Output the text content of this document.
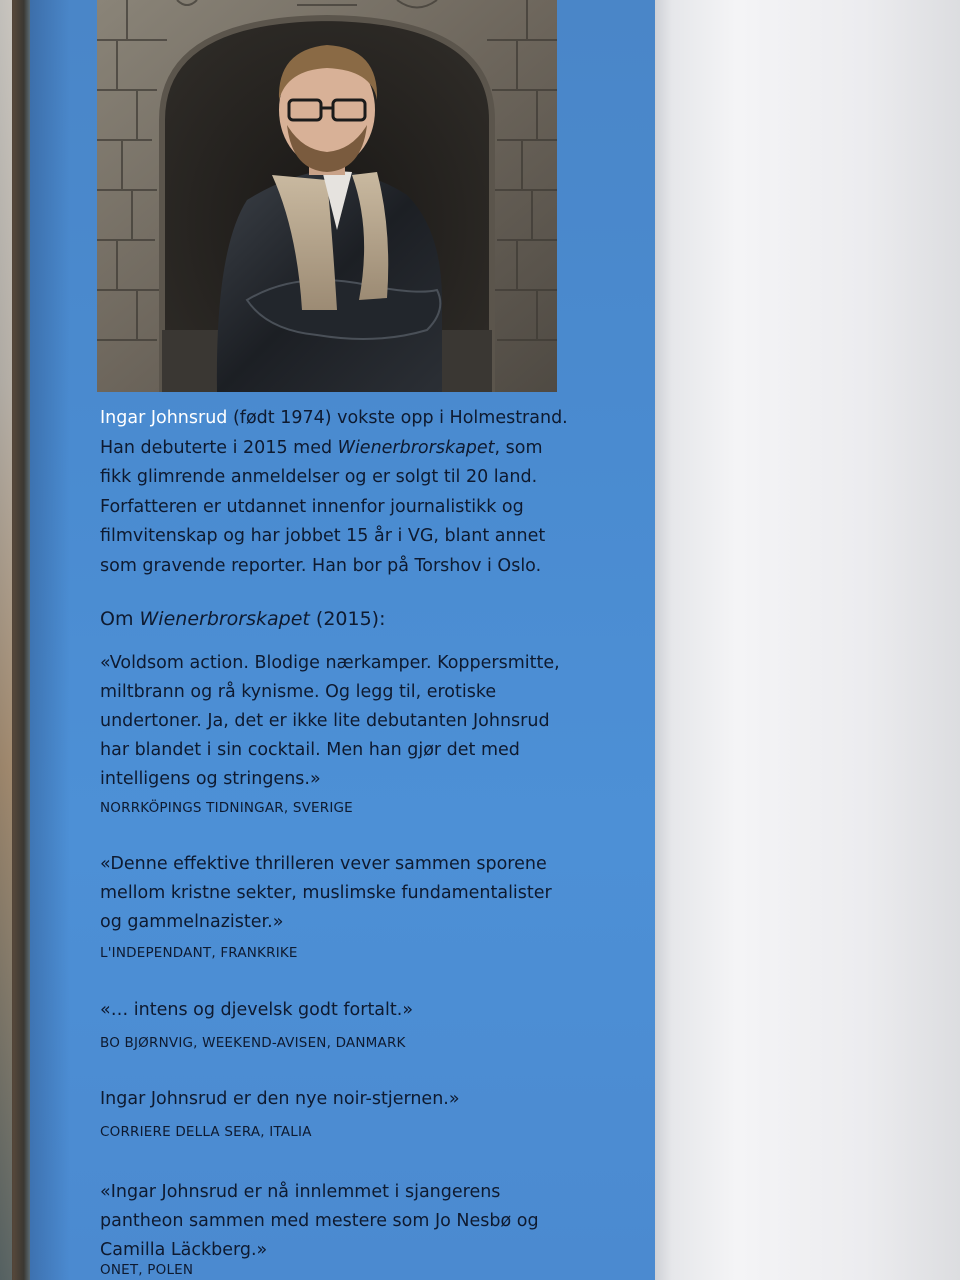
Ingar Johnsrud (født 1974) vokste opp i Holmestrand.
Han debuterte i 2015 med Wienerbrorskapet, som
fikk glimrende anmeldelser og er solgt til 20 land.
Forfatteren er utdannet innenfor journalistikk og
filmvitenskap og har jobbet 15 år i VG, blant annet
som gravende reporter. Han bor på Torshov i Oslo.
Om Wienerbrorskapet (2015):
«Voldsom action. Blodige nærkamper. Koppersmitte,
miltbrann og rå kynisme. Og legg til, erotiske
undertoner. Ja, det er ikke lite debutanten Johnsrud
har blandet i sin cocktail. Men han gjør det med
intelligens og stringens.»
NORRKÖPINGS TIDNINGAR, SVERIGE
«Denne effektive thrilleren vever sammen sporene
mellom kristne sekter, muslimske fundamentalister
og gammelnazister.»
L'INDEPENDANT, FRANKRIKE
«… intens og djevelsk godt fortalt.»
BO BJØRNVIG, WEEKEND-AVISEN, DANMARK
Ingar Johnsrud er den nye noir-stjernen.»
CORRIERE DELLA SERA, ITALIA
«Ingar Johnsrud er nå innlemmet i sjangerens
pantheon sammen med mestere som Jo Nesbø og
Camilla Läckberg.»
ONET, POLEN
